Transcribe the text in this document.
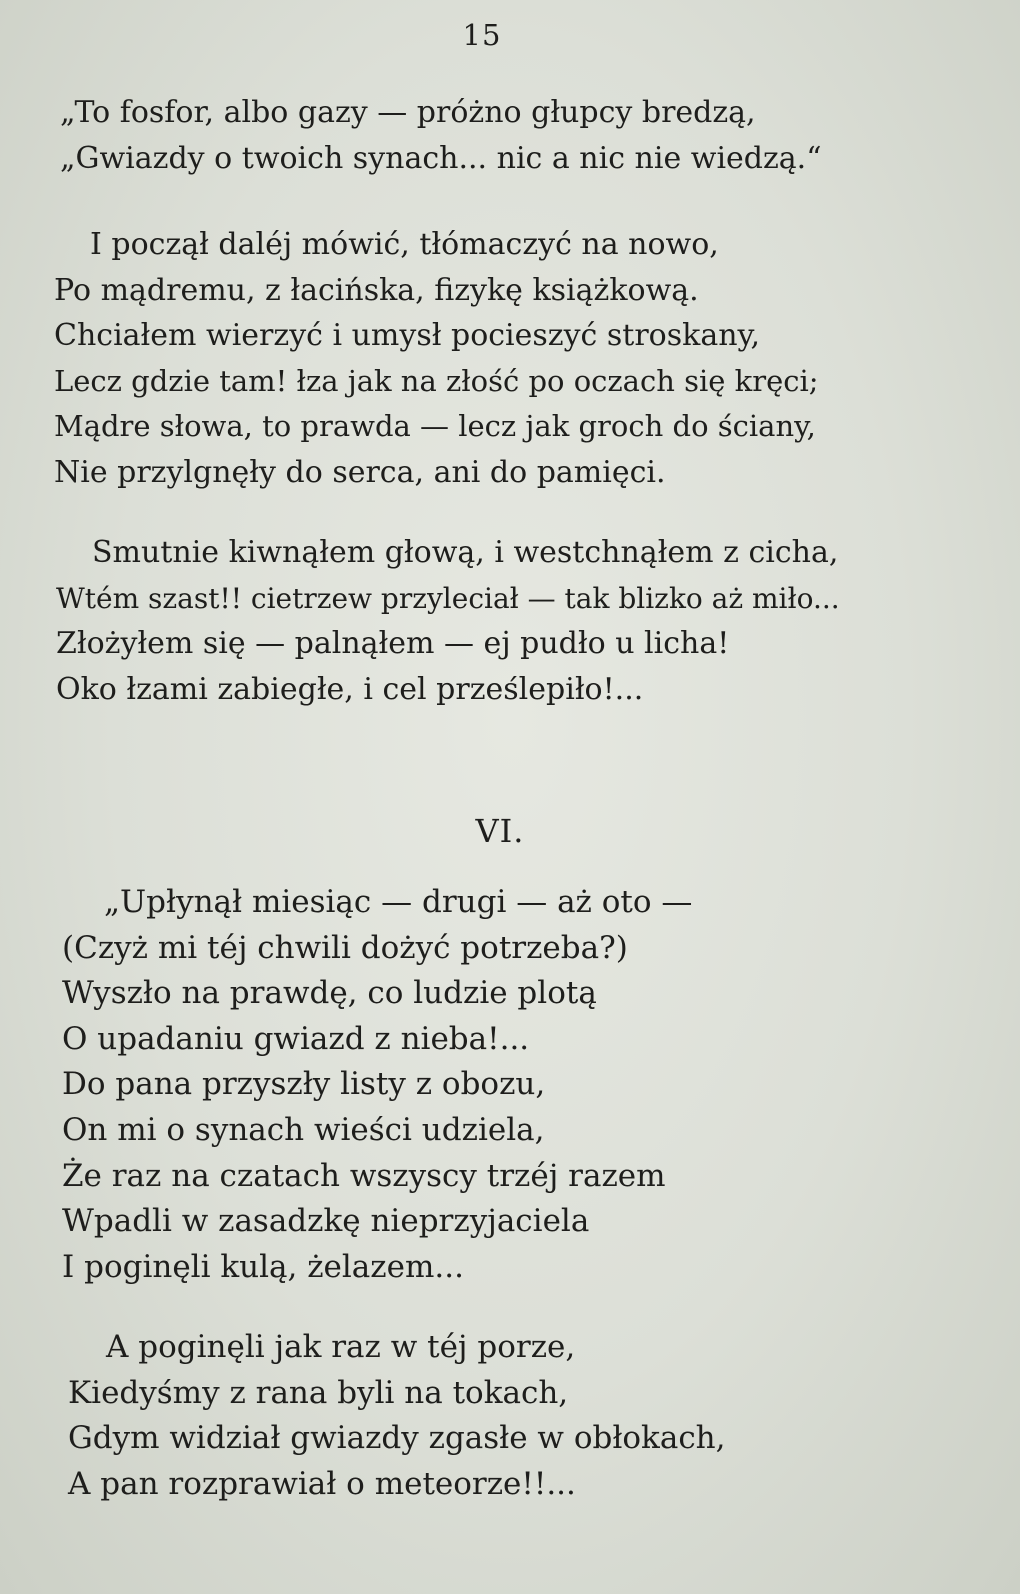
15
„To fosfor, albo gazy — próżno głupcy bredzą,
„Gwiazdy o twoich synach... nic a nic nie wiedzą.“
I począł daléj mówić, tłómaczyć na nowo,
Po mądremu, z łacińska, fizykę książkową.
Chciałem wierzyć i umysł pocieszyć stroskany,
Lecz gdzie tam! łza jak na złość po oczach się kręci;
Mądre słowa, to prawda — lecz jak groch do ściany,
Nie przylgnęły do serca, ani do pamięci.
Smutnie kiwnąłem głową, i westchnąłem z cicha,
Wtém szast!! cietrzew przyleciał — tak blizko aż miło...
Złożyłem się — palnąłem — ej pudło u licha!
Oko łzami zabiegłe, i cel prześlepiło!...
VI.
„Upłynął miesiąc — drugi — aż oto —
(Czyż mi téj chwili dożyć potrzeba?)
Wyszło na prawdę, co ludzie plotą
O upadaniu gwiazd z nieba!...
Do pana przyszły listy z obozu,
On mi o synach wieści udziela,
Że raz na czatach wszyscy trzéj razem
Wpadli w zasadzkę nieprzyjaciela
I poginęli kulą, żelazem...
A poginęli jak raz w téj porze,
Kiedyśmy z rana byli na tokach,
Gdym widział gwiazdy zgasłe w obłokach,
A pan rozprawiał o meteorze!!...
